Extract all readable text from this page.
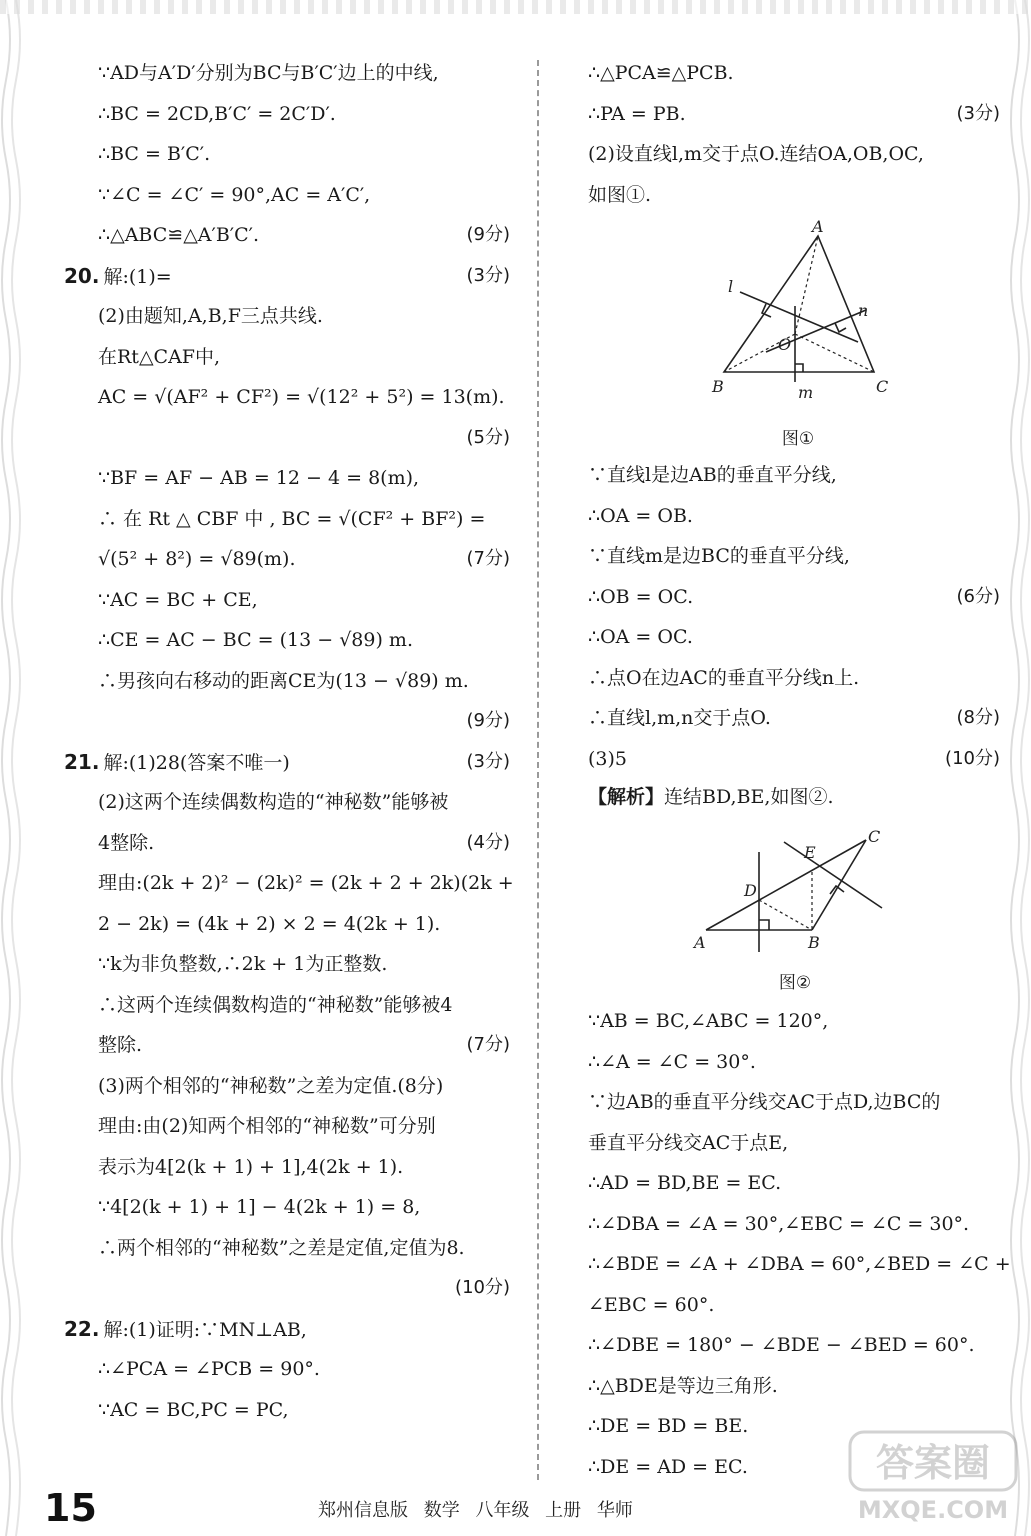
∵AD与A′D′分别为BC与B′C′边上的中线,
∴BC = 2CD,B′C′ = 2C′D′.
∴BC = B′C′.
∵∠C = ∠C′ = 90°,AC = A′C′,
∴△ABC≌△A′B′C′.	(9分)
20. 解:(1)=	(3分)
(2)由题知,A,B,F三点共线.
在Rt△CAF中,
AC = √(AF² + CF²) = √(12² + 5²) = 13(m).
(5分)
∵BF = AF − AB = 12 − 4 = 8(m),
∴ 在 Rt △ CBF 中 , BC = √(CF² + BF²) =
√(5² + 8²) = √89(m).	(7分)
∵AC = BC + CE,
∴CE = AC − BC = (13 − √89) m.
∴男孩向右移动的距离CE为(13 − √89) m.
(9分)
21. 解:(1)28(答案不唯一)	(3分)
(2)这两个连续偶数构造的“神秘数”能够被
4整除.	(4分)
理由:(2k + 2)² − (2k)² = (2k + 2 + 2k)(2k +
2 − 2k) = (4k + 2) × 2 = 4(2k + 1).
∵k为非负整数,∴2k + 1为正整数.
∴这两个连续偶数构造的“神秘数”能够被4
整除.	(7分)
(3)两个相邻的“神秘数”之差为定值.(8分)
理由:由(2)知两个相邻的“神秘数”可分别
表示为4[2(k + 1) + 1],4(2k + 1).
∵4[2(k + 1) + 1] − 4(2k + 1) = 8,
∴两个相邻的“神秘数”之差是定值,定值为8.
(10分)
22. 解:(1)证明:∵MN⊥AB,
∴∠PCA = ∠PCB = 90°.
∵AC = BC,PC = PC,
∴△PCA≌△PCB.
∴PA = PB.	(3分)
(2)设直线l,m交于点O.连结OA,OB,OC,
如图①.
A
B	C
O
l
m
n
图①
∵直线l是边AB的垂直平分线,
∴OA = OB.
∵直线m是边BC的垂直平分线,
∴OB = OC.	(6分)
∴OA = OC.
∴点O在边AC的垂直平分线n上.
∴直线l,m,n交于点O.	(8分)
(3)5	(10分)
【解析】连结BD,BE,如图②.
A	B
C
D
E
图②
∵AB = BC,∠ABC = 120°,
∴∠A = ∠C = 30°.
∵边AB的垂直平分线交AC于点D,边BC的
垂直平分线交AC于点E,
∴AD = BD,BE = EC.
∴∠DBA = ∠A = 30°,∠EBC = ∠C = 30°.
∴∠BDE = ∠A + ∠DBA = 60°,∠BED = ∠C +
∠EBC = 60°.
∴∠DBE = 180° − ∠BDE − ∠BED = 60°.
∴△BDE是等边三角形.
∴DE = BD = BE.
∴DE = AD = EC.
15	郑州信息版 数学 八年级 上册 华师
答案圈
MXQE.COM
